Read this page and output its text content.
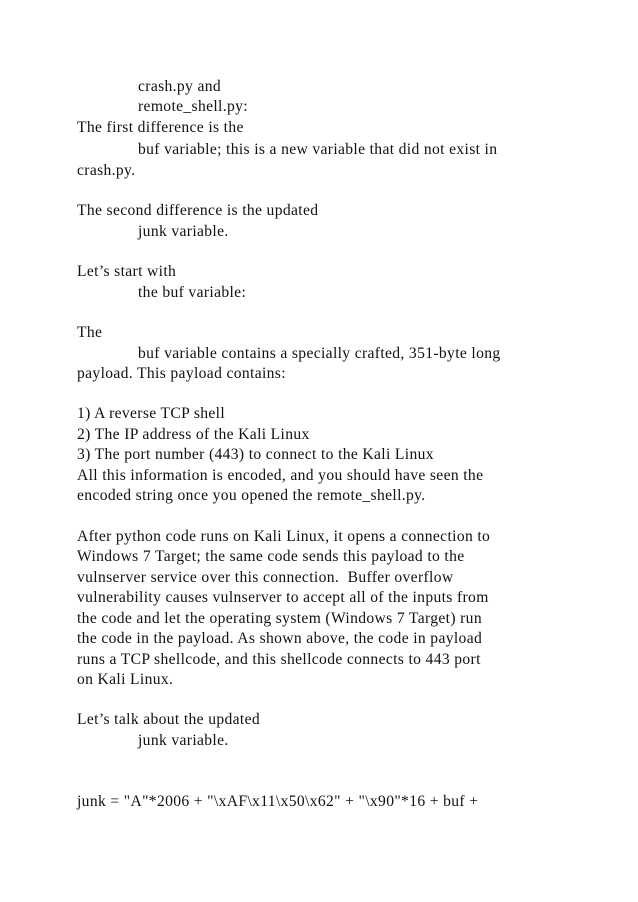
crash.py and
remote_shell.py:
The first difference is the
buf variable; this is a new variable that did not exist in
crash.py.
The second difference is the updated
junk variable.
Let’s start with
the buf variable:
The
buf variable contains a specially crafted, 351-byte long
payload. This payload contains:
1) A reverse TCP shell
2) The IP address of the Kali Linux
3) The port number (443) to connect to the Kali Linux
All this information is encoded, and you should have seen the
encoded string once you opened the remote_shell.py.
After python code runs on Kali Linux, it opens a connection to
Windows 7 Target; the same code sends this payload to the
vulnserver service over this connection.  Buffer overflow
vulnerability causes vulnserver to accept all of the inputs from
the code and let the operating system (Windows 7 Target) run
the code in the payload. As shown above, the code in payload
runs a TCP shellcode, and this shellcode connects to 443 port
on Kali Linux.
Let’s talk about the updated
junk variable.
junk = "A"*2006 + "\xAF\x11\x50\x62" + "\x90"*16 + buf +
